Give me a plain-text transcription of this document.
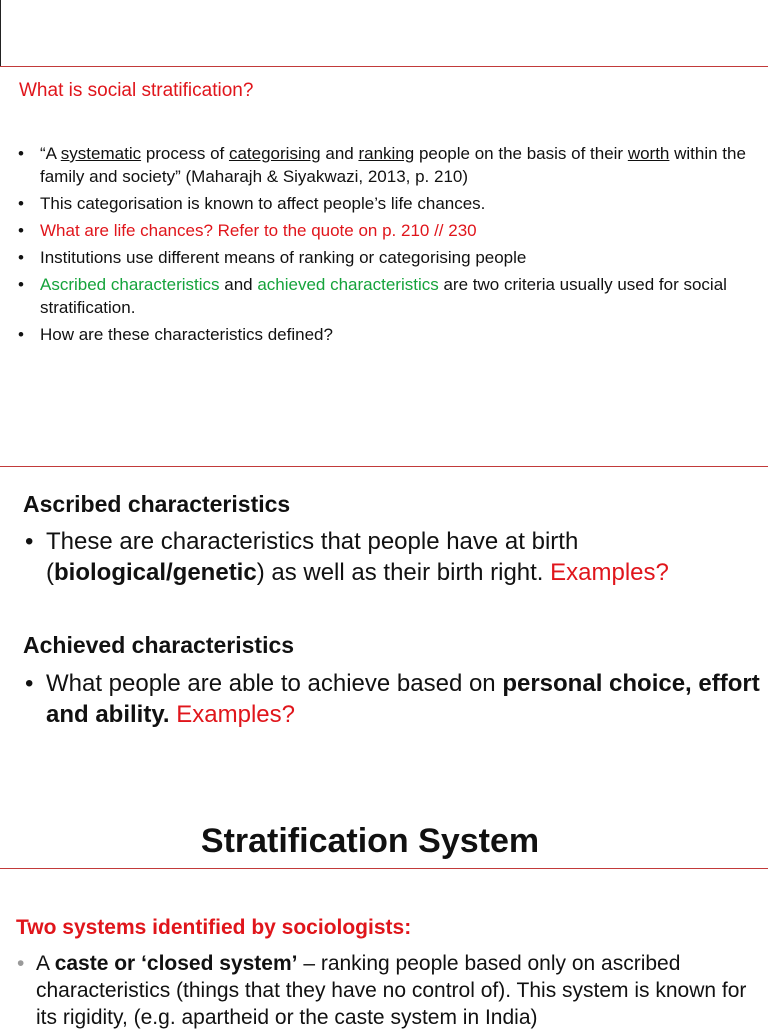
What is social stratification?
• “A systematic process of categorising and ranking people on the basis of their worth within the family and society” (Maharajh & Siyakwazi, 2013, p. 210)
• This categorisation is known to affect people’s life chances.
• What are life chances? Refer to the quote on p. 210 // 230
• Institutions use different means of ranking or categorising people
• Ascribed characteristics and achieved characteristics are two criteria usually used for social stratification.
• How are these characteristics defined?
Ascribed characteristics
• These are characteristics that people have at birth (biological/genetic) as well as their birth right. Examples?
Achieved characteristics
• What people are able to achieve based on personal choice, effort and ability. Examples?
Stratification System
Two systems identified by sociologists:
• A caste or ‘closed system’ – ranking people based only on ascribed characteristics (things that they have no control of). This system is known for its rigidity, (e.g. apartheid or the caste system in India)
